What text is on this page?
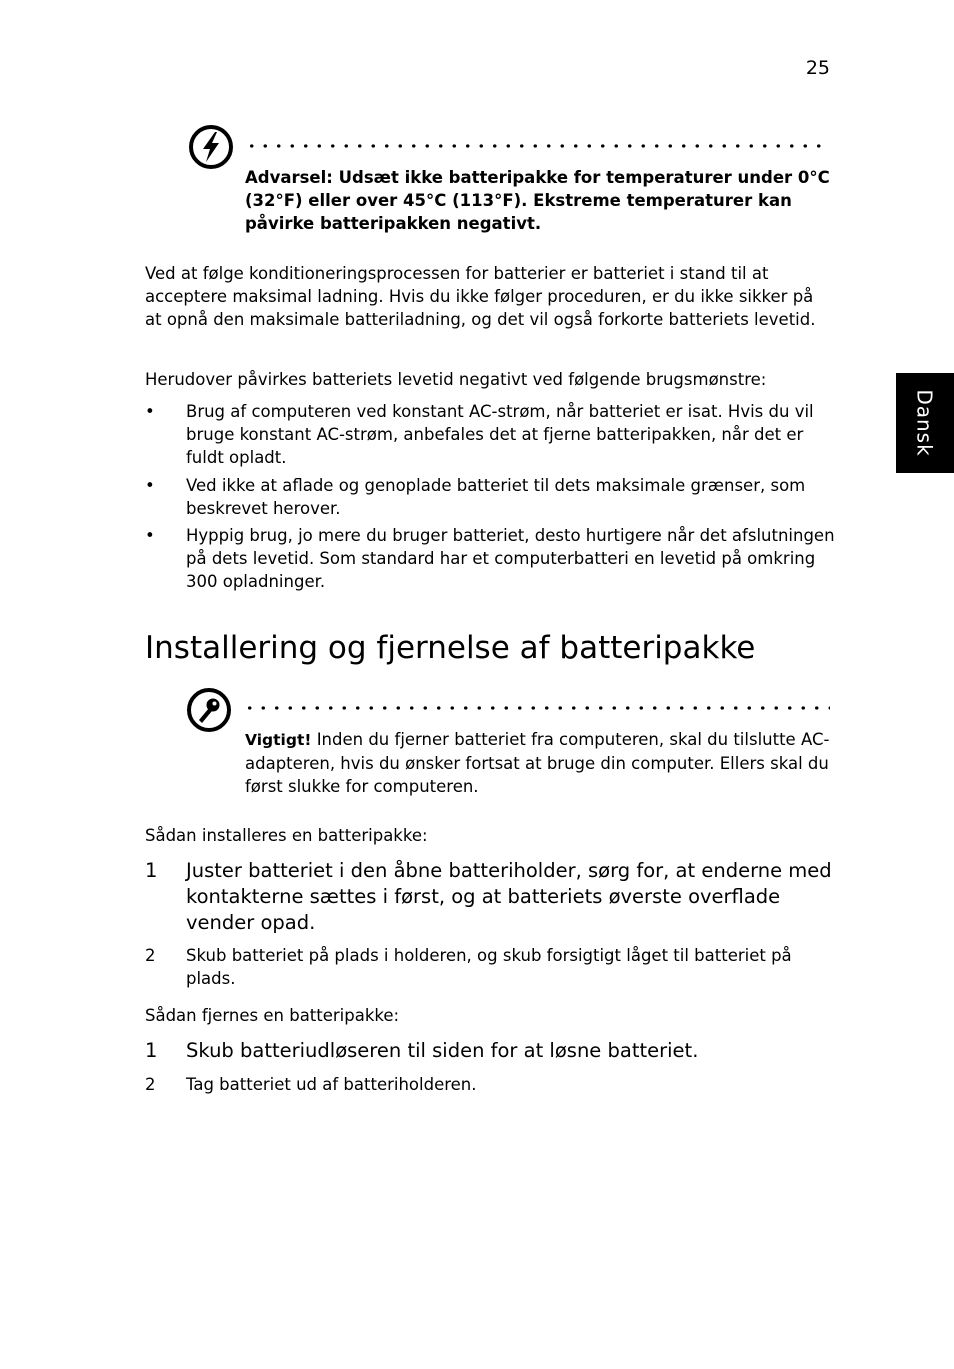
25
Dansk
Advarsel: Udsæt ikke batteripakke for temperaturer under 0°C (32°F) eller over 45°C (113°F). Ekstreme temperaturer kan påvirke batteripakken negativt.
Ved at følge konditioneringsprocessen for batterier er batteriet i stand til at acceptere maksimal ladning. Hvis du ikke følger proceduren, er du ikke sikker på at opnå den maksimale batteriladning, og det vil også forkorte batteriets levetid.
Herudover påvirkes batteriets levetid negativt ved følgende brugsmønstre:
• Brug af computeren ved konstant AC-strøm, når batteriet er isat. Hvis du vil bruge konstant AC-strøm, anbefales det at fjerne batteripakken, når det er fuldt opladt.
• Ved ikke at aflade og genoplade batteriet til dets maksimale grænser, som beskrevet herover.
• Hyppig brug, jo mere du bruger batteriet, desto hurtigere når det afslutningen på dets levetid. Som standard har et computerbatteri en levetid på omkring 300 opladninger.
Installering og fjernelse af batteripakke
Vigtigt! Inden du fjerner batteriet fra computeren, skal du tilslutte AC-adapteren, hvis du ønsker fortsat at bruge din computer. Ellers skal du først slukke for computeren.
Sådan installeres en batteripakke:
1 Juster batteriet i den åbne batteriholder, sørg for, at enderne med kontakterne sættes i først, og at batteriets øverste overflade vender opad.
2 Skub batteriet på plads i holderen, og skub forsigtigt låget til batteriet på plads.
Sådan fjernes en batteripakke:
1 Skub batteriudløseren til siden for at løsne batteriet.
2 Tag batteriet ud af batteriholderen.
